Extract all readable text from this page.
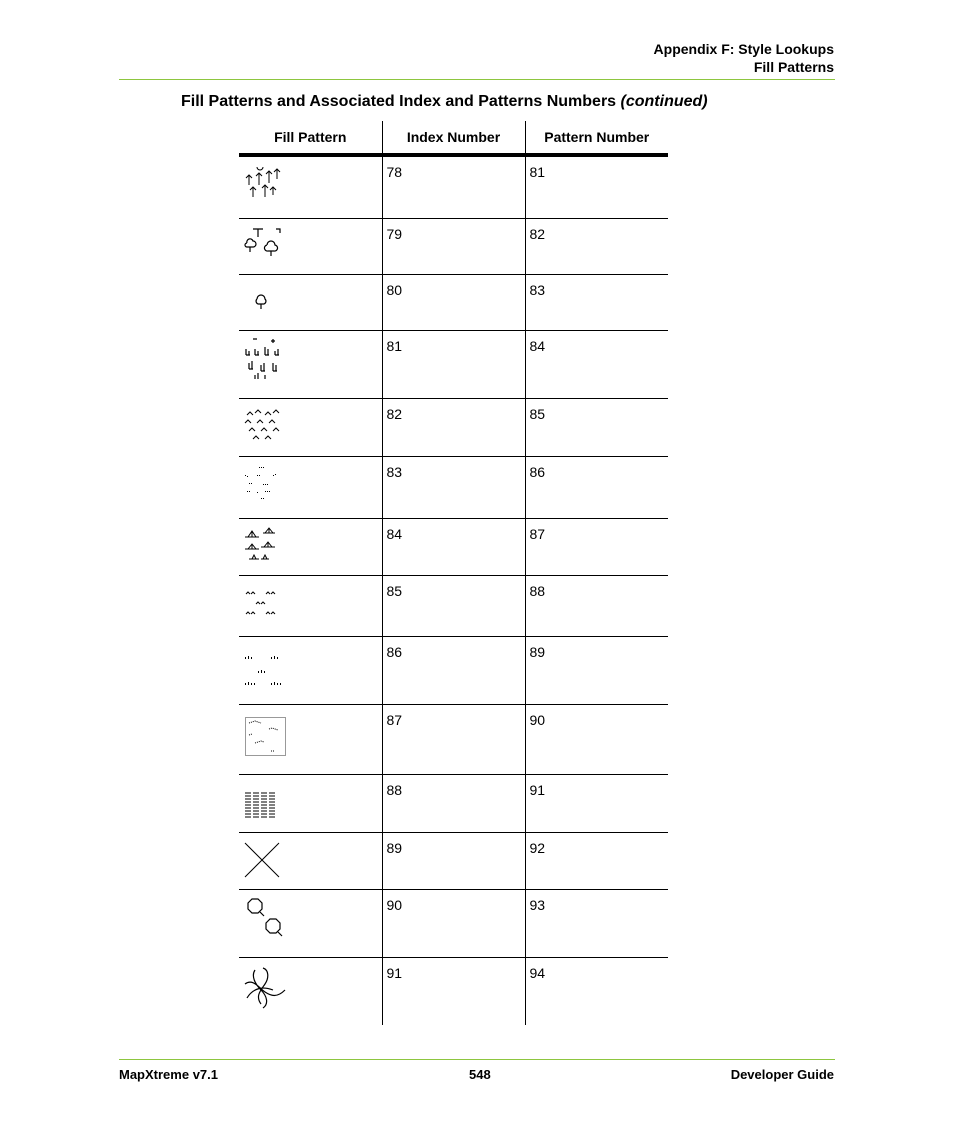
Appendix F: Style Lookups
Fill Patterns
Fill Patterns and Associated Index and Patterns Numbers (continued)
Fill Pattern	Index Number	Pattern Number

	78	81

	79	82

	80	83

	81	84

	82	85

	83	86

	84	87

	85	88

	86	89

	87	90

	88	91

	89	92

	90	93

	91	94
MapXtreme v7.1	548	Developer Guide
